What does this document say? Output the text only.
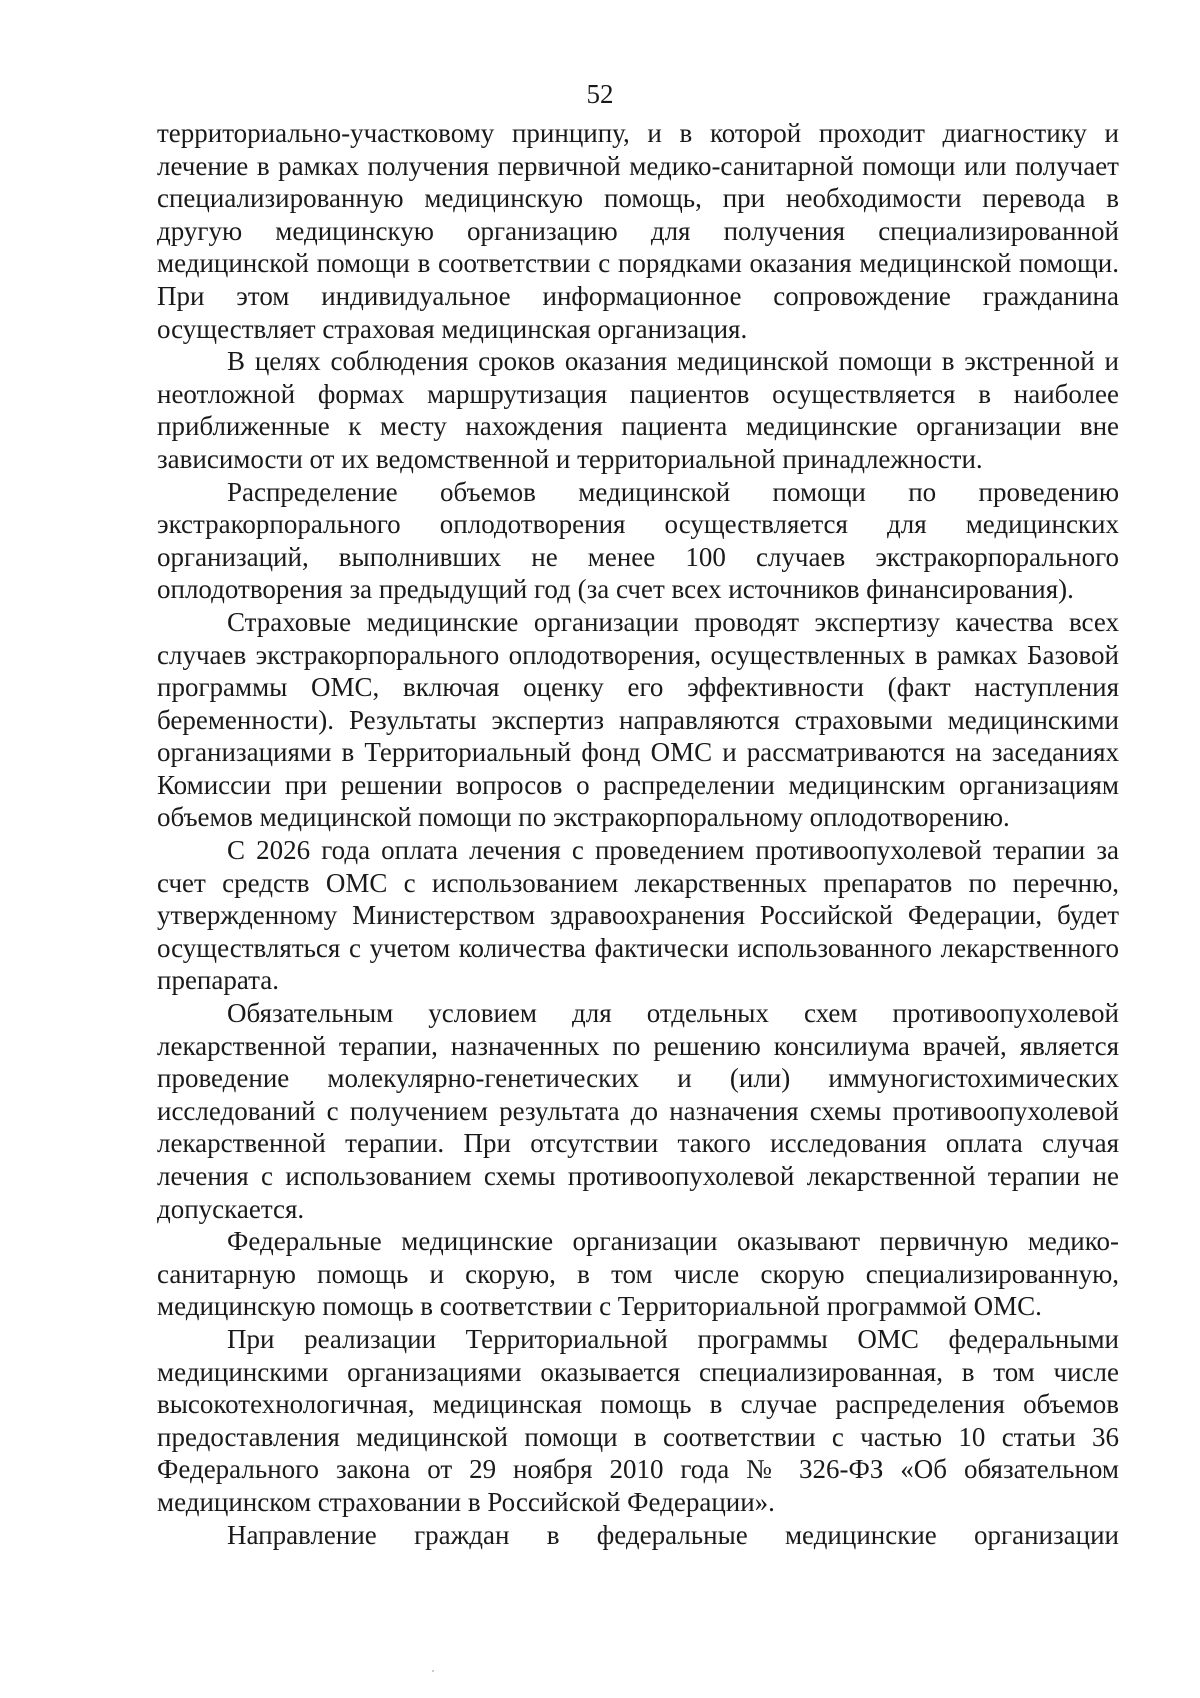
52

территориально-участковому принципу, и в которой проходит диагностику и лечение в рамках получения первичной медико-санитарной помощи или получает специализированную медицинскую помощь, при необходимости перевода в другую медицинскую организацию для получения специализированной медицинской помощи в соответствии с порядками оказания медицинской помощи. При этом индивидуальное информационное сопровождение гражданина осуществляет страховая медицинская организация.

В целях соблюдения сроков оказания медицинской помощи в экстренной и неотложной формах маршрутизация пациентов осуществляется в наиболее приближенные к месту нахождения пациента медицинские организации вне зависимости от их ведомственной и территориальной принадлежности.

Распределение объемов медицинской помощи по проведению экстракорпорального оплодотворения осуществляется для медицинских организаций, выполнивших не менее 100 случаев экстракорпорального оплодотворения за предыдущий год (за счет всех источников финансирования).

Страховые медицинские организации проводят экспертизу качества всех случаев экстракорпорального оплодотворения, осуществленных в рамках Базовой программы ОМС, включая оценку его эффективности (факт наступления беременности). Результаты экспертиз направляются страховыми медицинскими организациями в Территориальный фонд ОМС и рассматриваются на заседаниях Комиссии при решении вопросов о распределении медицинским организациям объемов медицинской помощи по экстракорпоральному оплодотворению.

С 2026 года оплата лечения с проведением противоопухолевой терапии за счет средств ОМС с использованием лекарственных препаратов по перечню, утвержденному Министерством здравоохранения Российской Федерации, будет осуществляться с учетом количества фактически использованного лекарственного препарата.

Обязательным условием для отдельных схем противоопухолевой лекарственной терапии, назначенных по решению консилиума врачей, является проведение молекулярно-генетических и (или) иммуногистохимических исследований с получением результата до назначения схемы противоопухолевой лекарственной терапии. При отсутствии такого исследования оплата случая лечения с использованием схемы противоопухолевой лекарственной терапии не допускается.

Федеральные медицинские организации оказывают первичную медико-санитарную помощь и скорую, в том числе скорую специализированную, медицинскую помощь в соответствии с Территориальной программой ОМС.

При реализации Территориальной программы ОМС федеральными медицинскими организациями оказывается специализированная, в том числе высокотехнологичная, медицинская помощь в случае распределения объемов предоставления медицинской помощи в соответствии с частью 10 статьи 36 Федерального закона от 29 ноября 2010 года № 326-ФЗ «Об обязательном медицинском страховании в Российской Федерации».

Направление граждан в федеральные медицинские организации
